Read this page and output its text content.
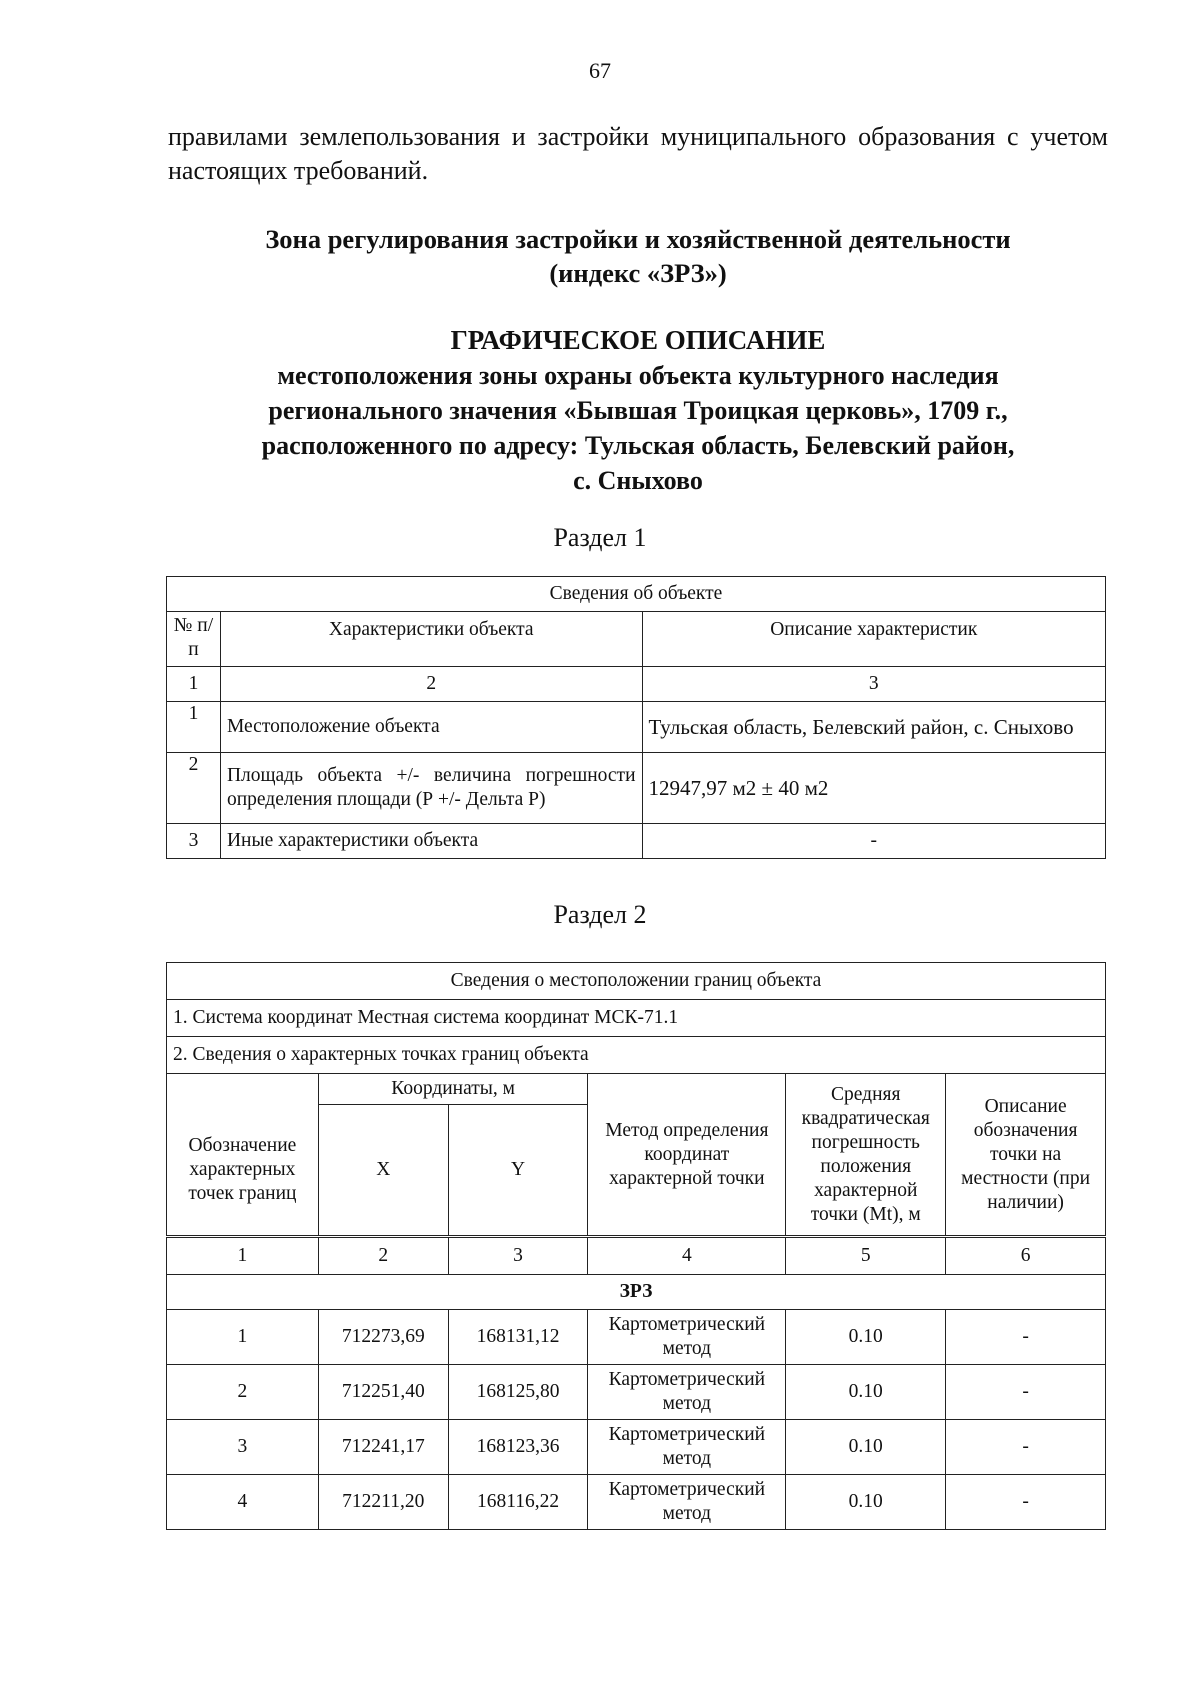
67
правилами землепользования и застройки муниципального образования с учетом настоящих требований.
Зона регулирования застройки и хозяйственной деятельности
(индекс «ЗРЗ»)
ГРАФИЧЕСКОЕ ОПИСАНИЕ
местоположения зоны охраны объекта культурного наследия
регионального значения «Бывшая Троицкая церковь», 1709 г.,
расположенного по адресу: Тульская область, Белевский район,
с. Сныхово
Раздел 1
Сведения об объекте		
№ п/п	Характеристики объекта	Описание характеристик
1	2	3
1	Местоположение объекта	Тульская область, Белевский район, с. Сныхово
2	Площадь объекта +/- величина погрешности определения площади (Р +/- Дельта Р)	12947,97 м2 ± 40 м2
3	Иные характеристики объекта	-
Раздел 2
Сведения о местоположении границ объекта					
1. Система координат Местная система координат МСК-71.1					
2. Сведения о характерных точках границ объекта					
Обозначение характерных точек границ	Координаты, м		Метод определения координат характерной точки	Средняя квадратическая погрешность положения характерной точки (Mt), м	Описание обозначения точки на местности (при наличии)
	X	Y			
1	2	3	4	5	6
ЗРЗ					
1	712273,69	168131,12	Картометрический метод	0.10	-
2	712251,40	168125,80	Картометрический метод	0.10	-
3	712241,17	168123,36	Картометрический метод	0.10	-
4	712211,20	168116,22	Картометрический метод	0.10	-
